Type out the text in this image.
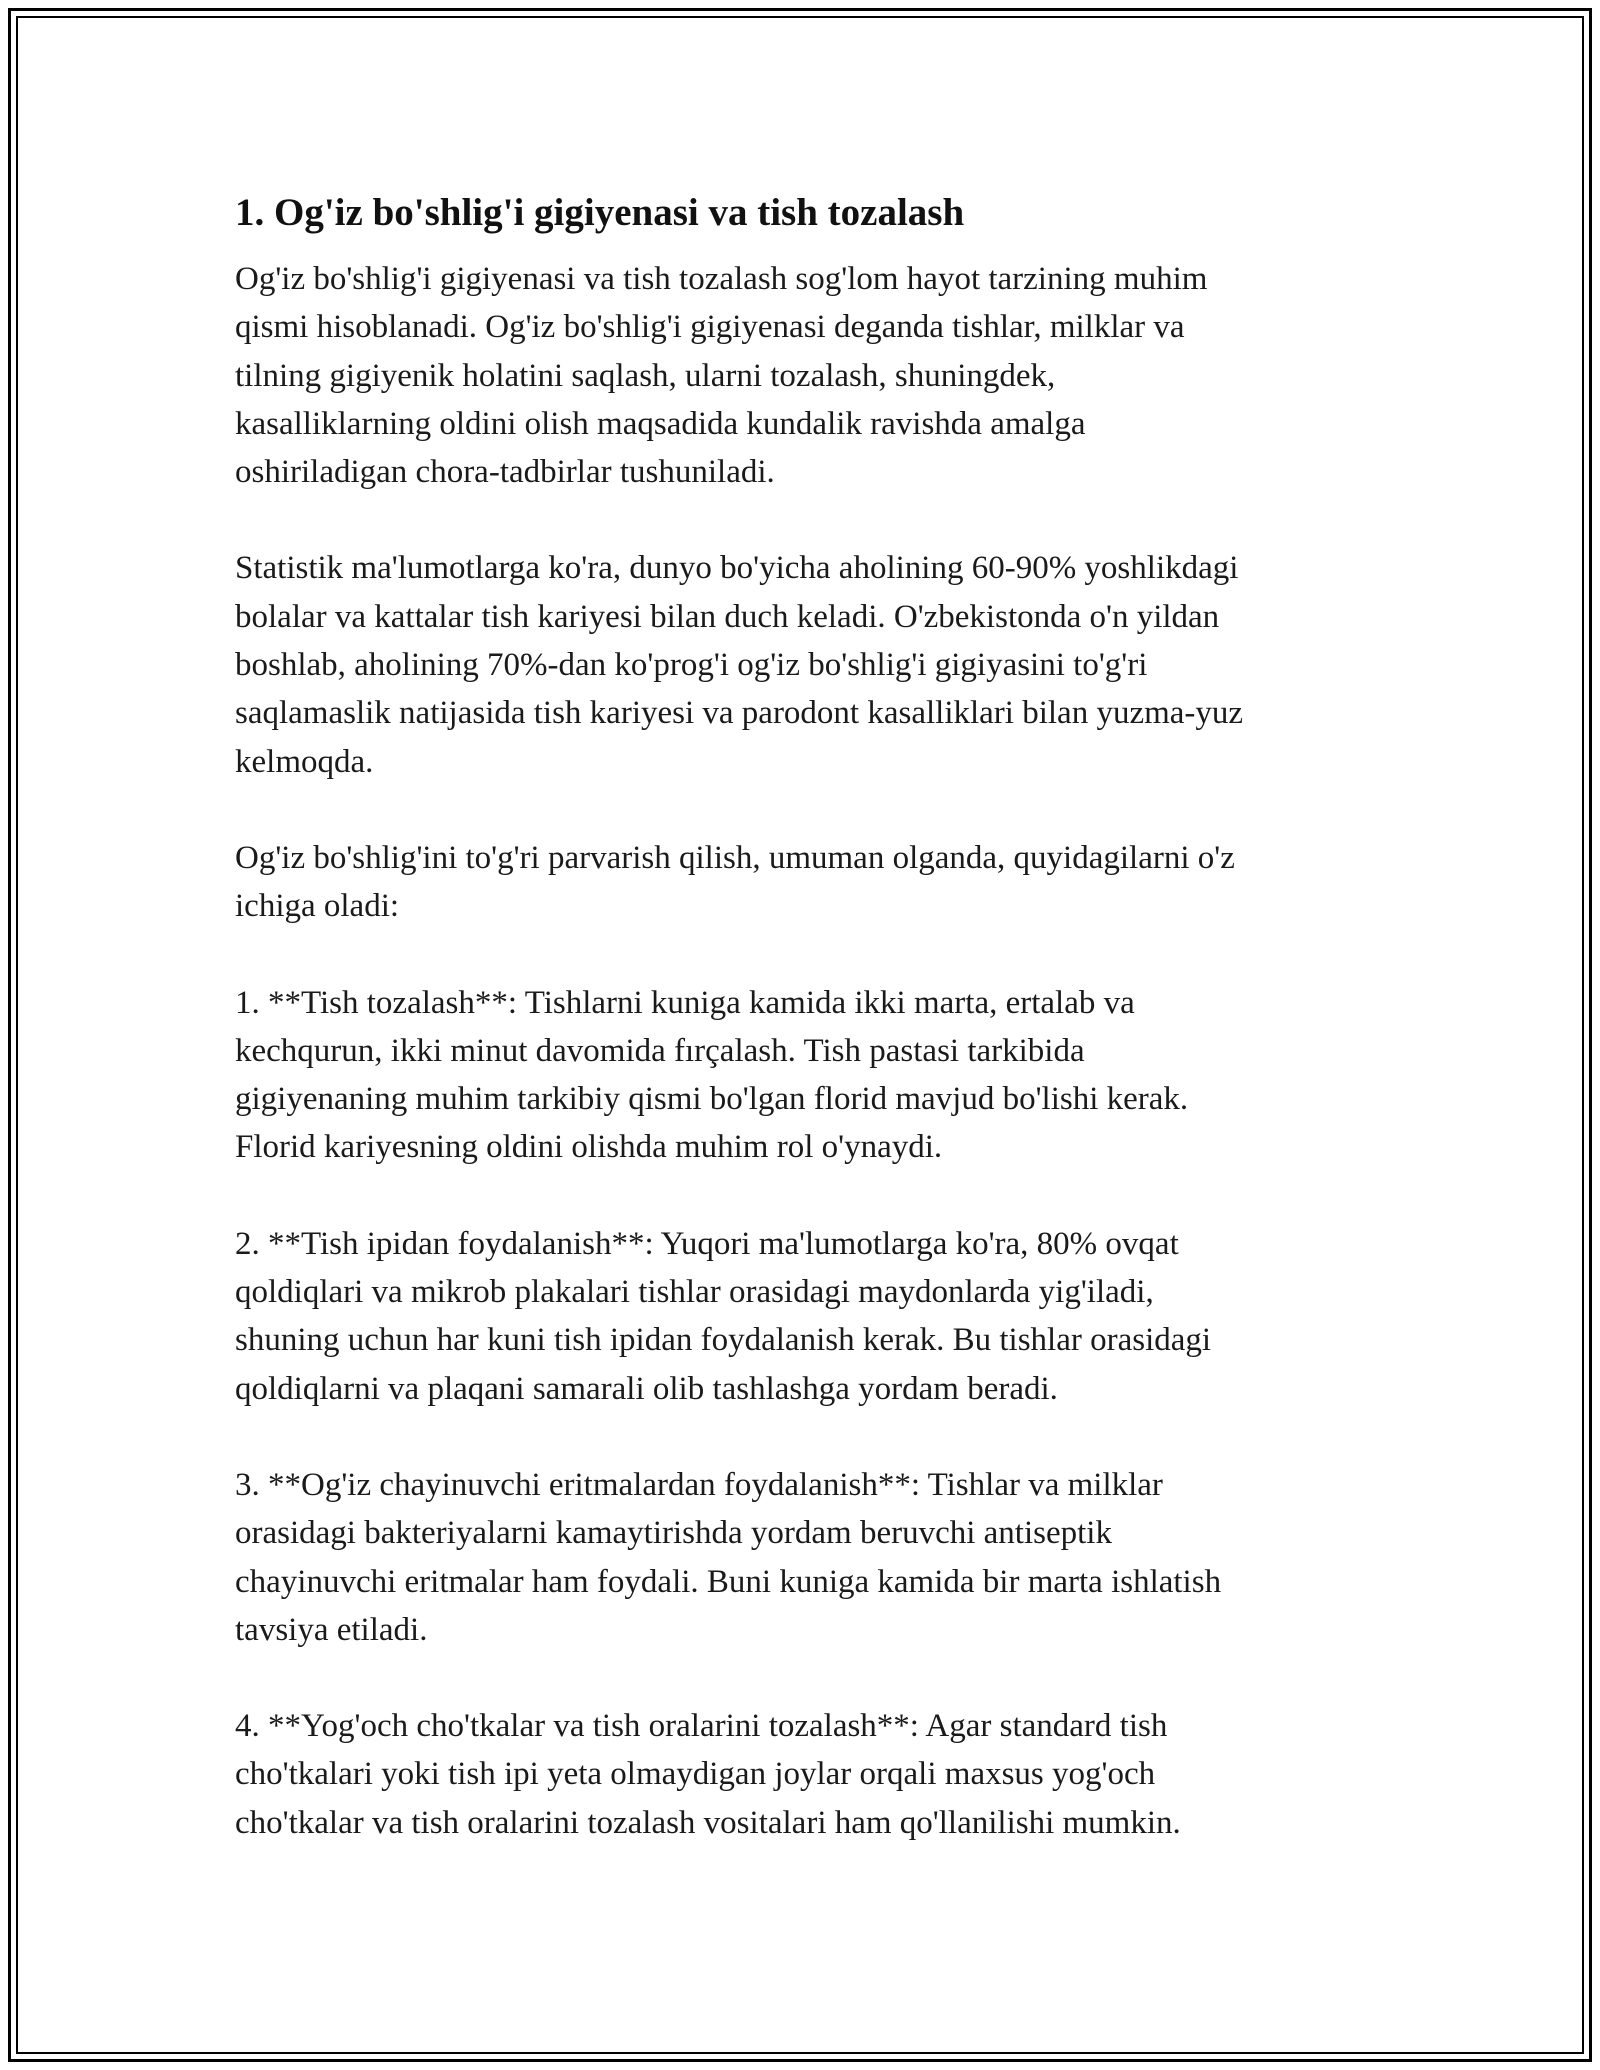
1. Og'iz bo'shlig'i gigiyenasi va tish tozalash

Og'iz bo'shlig'i gigiyenasi va tish tozalash sog'lom hayot tarzining muhim
qismi hisoblanadi. Og'iz bo'shlig'i gigiyenasi deganda tishlar, milklar va
tilning gigiyenik holatini saqlash, ularni tozalash, shuningdek,
kasalliklarning oldini olish maqsadida kundalik ravishda amalga
oshiriladigan chora-tadbirlar tushuniladi.

Statistik ma'lumotlarga ko'ra, dunyo bo'yicha aholining 60-90% yoshlikdagi
bolalar va kattalar tish kariyesi bilan duch keladi. O'zbekistonda o'n yildan
boshlab, aholining 70%-dan ko'prog'i og'iz bo'shlig'i gigiyasini to'g'ri
saqlamaslik natijasida tish kariyesi va parodont kasalliklari bilan yuzma-yuz
kelmoqda.

Og'iz bo'shlig'ini to'g'ri parvarish qilish, umuman olganda, quyidagilarni o'z
ichiga oladi:

1. **Tish tozalash**: Tishlarni kuniga kamida ikki marta, ertalab va
kechqurun, ikki minut davomida fırçalash. Tish pastasi tarkibida
gigiyenaning muhim tarkibiy qismi bo'lgan florid mavjud bo'lishi kerak.
Florid kariyesning oldini olishda muhim rol o'ynaydi.

2. **Tish ipidan foydalanish**: Yuqori ma'lumotlarga ko'ra, 80% ovqat
qoldiqlari va mikrob plakalari tishlar orasidagi maydonlarda yig'iladi,
shuning uchun har kuni tish ipidan foydalanish kerak. Bu tishlar orasidagi
qoldiqlarni va plaqani samarali olib tashlashga yordam beradi.

3. **Og'iz chayinuvchi eritmalardan foydalanish**: Tishlar va milklar
orasidagi bakteriyalarni kamaytirishda yordam beruvchi antiseptik
chayinuvchi eritmalar ham foydali. Buni kuniga kamida bir marta ishlatish
tavsiya etiladi.

4. **Yog'och cho'tkalar va tish oralarini tozalash**: Agar standard tish
cho'tkalari yoki tish ipi yeta olmaydigan joylar orqali maxsus yog'och
cho'tkalar va tish oralarini tozalash vositalari ham qo'llanilishi mumkin.
